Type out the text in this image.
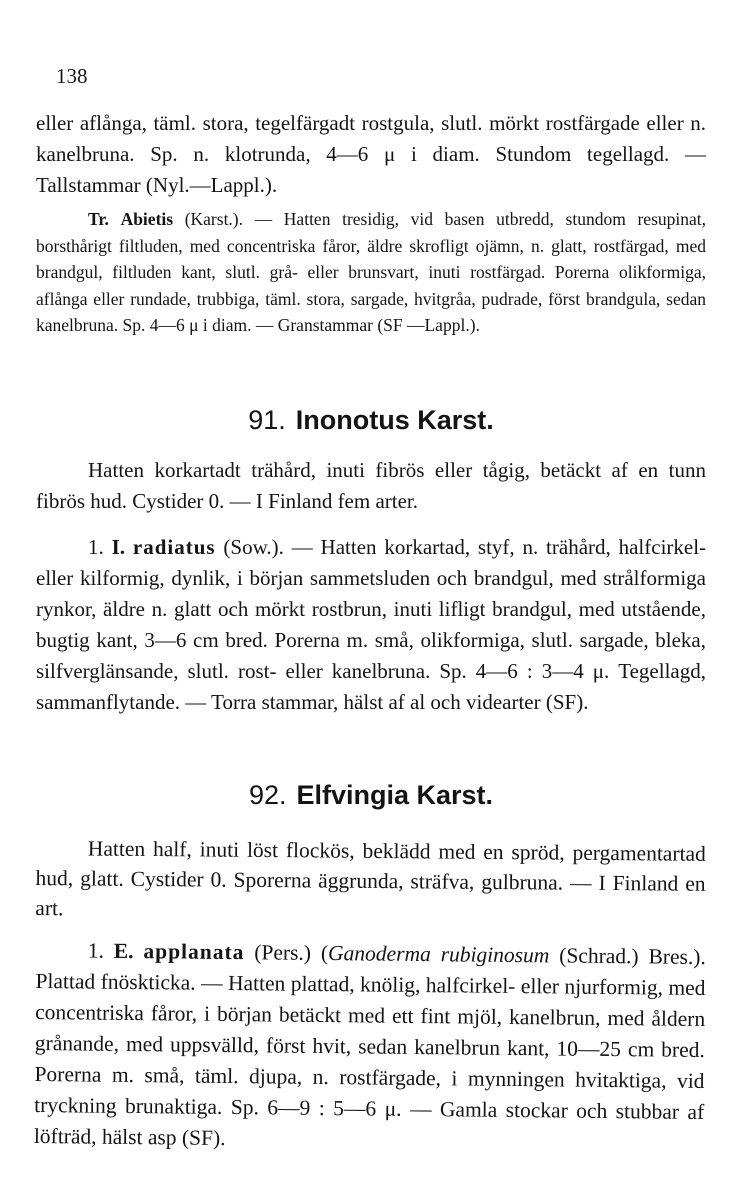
138
eller aflånga, täml. stora, tegelfärgadt rostgula, slutl. mörkt rostfärgade eller n. kanelbruna. Sp. n. klotrunda, 4—6 μ i diam. Stundom tegellagd. — Tallstammar (Nyl.—Lappl.).
Tr. Abietis (Karst.). — Hatten tresidig, vid basen utbredd, stundom resupinat, borsthårigt filtluden, med concentriska fåror, äldre skrofligt ojämn, n. glatt, rostfärgad, med brandgul, filtluden kant, slutl. grå- eller brunsvart, inuti rostfärgad. Porerna olikformiga, aflånga eller rundade, trubbiga, täml. stora, sargade, hvitgråa, pudrade, först brandgula, sedan kanelbruna. Sp. 4—6 μ i diam. — Granstammar (SF —Lappl.).
91. Inonotus Karst.
Hatten korkartadt trähård, inuti fibrös eller tågig, betäckt af en tunn fibrös hud. Cystider 0. — I Finland fem arter.
1. I. radiatus (Sow.). — Hatten korkartad, styf, n. trähård, halfcirkel- eller kilformig, dynlik, i början sammetsluden och brandgul, med strålformiga rynkor, äldre n. glatt och mörkt rostbrun, inuti lifligt brandgul, med utstående, bugtig kant, 3—6 cm bred. Porerna m. små, olikformiga, slutl. sargade, bleka, silfverglänsande, slutl. rost- eller kanelbruna. Sp. 4—6 : 3—4 μ. Tegellagd, sammanflytande. — Torra stammar, hälst af al och videarter (SF).
92. Elfvingia Karst.
Hatten half, inuti löst flockös, beklädd med en spröd, pergamentartad hud, glatt. Cystider 0. Sporerna äggrunda, sträfva, gulbruna. — I Finland en art.
1. E. applanata (Pers.) (Ganoderma rubiginosum (Schrad.) Bres.). Plattad fnöskticka. — Hatten plattad, knölig, halfcirkel- eller njurformig, med concentriska fåror, i början betäckt med ett fint mjöl, kanelbrun, med åldern grånande, med uppsvälld, först hvit, sedan kanelbrun kant, 10—25 cm bred. Porerna m. små, täml. djupa, n. rostfärgade, i mynningen hvitaktiga, vid tryckning brunaktiga. Sp. 6—9 : 5—6 μ. — Gamla stockar och stubbar af löfträd, hälst asp (SF).
